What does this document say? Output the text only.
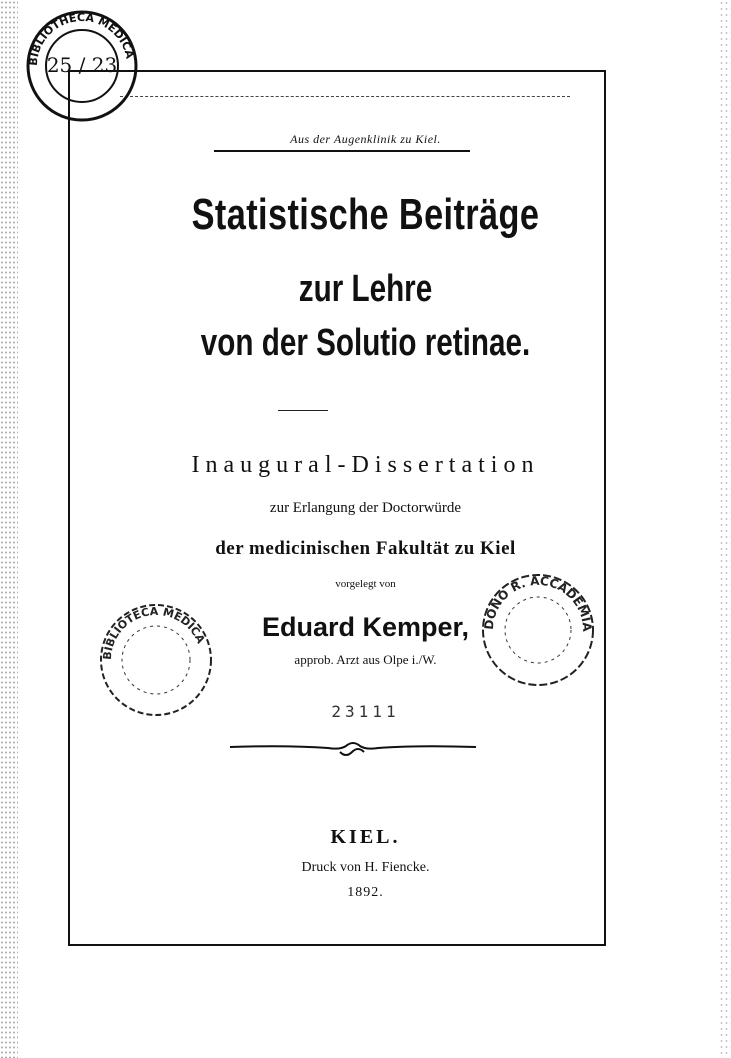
BIBLIOTHECA MEDICA
25 / 23
BIBLIOTECA MEDICA
DONO R. ACCADEMIA
Aus der Augenklinik zu Kiel.
Statistische Beiträge
zur Lehre
von der Solutio retinae.
Inaugural-Dissertation
zur Erlangung der Doctorwürde
der medicinischen Fakultät zu Kiel
vorgelegt von
Eduard Kemper,
approb. Arzt aus Olpe i./W.
23111
KIEL.
Druck von H. Fiencke.
1892.
